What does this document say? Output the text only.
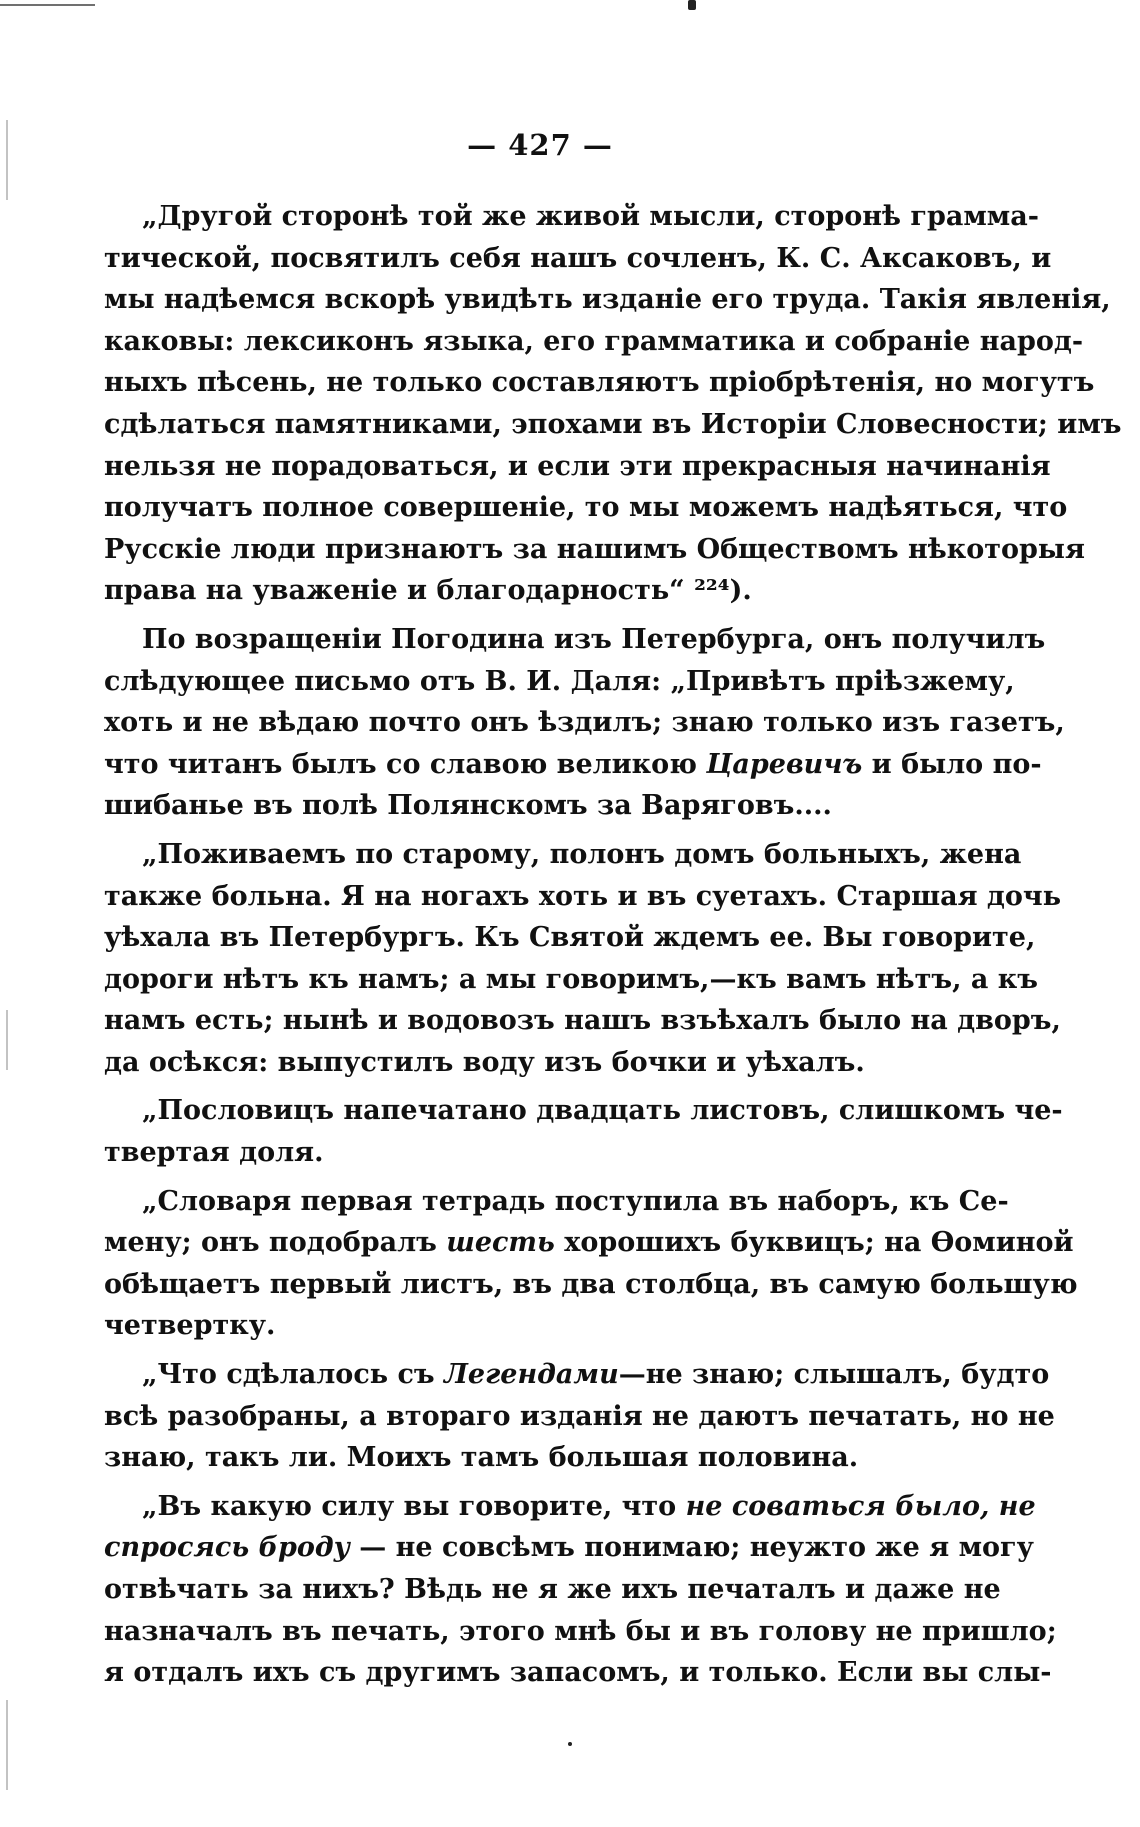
— 427 —

„Другой сторонѣ той же живой мысли, сторонѣ грамма-
тической, посвятилъ себя нашъ сочленъ, К. С. Аксаковъ, и
мы надѣемся вскорѣ увидѣть изданіе его труда. Такія явленія,
каковы: лексиконъ языка, его грамматика и собраніе народ-
ныхъ пѣсень, не только составляютъ пріобрѣтенія, но могутъ
сдѣлаться памятниками, эпохами въ Исторіи Словесности; имъ
нельзя не порадоваться, и если эти прекрасныя начинанія
получатъ полное совершеніе, то мы можемъ надѣяться, что
Русскіе люди признаютъ за нашимъ Обществомъ нѣкоторыя
права на уваженіе и благодарность“ ²²⁴).

По возращеніи Погодина изъ Петербурга, онъ получилъ
слѣдующее письмо отъ В. И. Даля: „Привѣтъ пріѣзжему,
хоть и не вѣдаю почто онъ ѣздилъ; знаю только изъ газетъ,
что читанъ былъ со славою великою Царевичъ и было по-
шибанье въ полѣ Полянскомъ за Варяговъ....

„Поживаемъ по старому, полонъ домъ больныхъ, жена
также больна. Я на ногахъ хоть и въ суетахъ. Старшая дочь
уѣхала въ Петербургъ. Къ Святой ждемъ ее. Вы говорите,
дороги нѣтъ къ намъ; а мы говоримъ,—къ вамъ нѣтъ, а къ
намъ есть; нынѣ и водовозъ нашъ взъѣхалъ было на дворъ,
да осѣкся: выпустилъ воду изъ бочки и уѣхалъ.

„Пословицъ напечатано двадцать листовъ, слишкомъ че-
твертая доля.

„Словаря первая тетрадь поступила въ наборъ, къ Се-
мену; онъ подобралъ шесть хорошихъ буквицъ; на Ѳоминой
обѣщаетъ первый листъ, въ два столбца, въ самую большую
четвертку.

„Что сдѣлалось съ Легендами—не знаю; слышалъ, будто
всѣ разобраны, а втораго изданія не даютъ печатать, но не
знаю, такъ ли. Моихъ тамъ большая половина.

„Въ какую силу вы говорите, что не соваться было, не
спросясь броду — не совсѣмъ понимаю; неужто же я могу
отвѣчать за нихъ? Вѣдь не я же ихъ печаталъ и даже не
назначалъ въ печать, этого мнѣ бы и въ голову не пришло;
я отдалъ ихъ съ другимъ запасомъ, и только. Если вы слы-
